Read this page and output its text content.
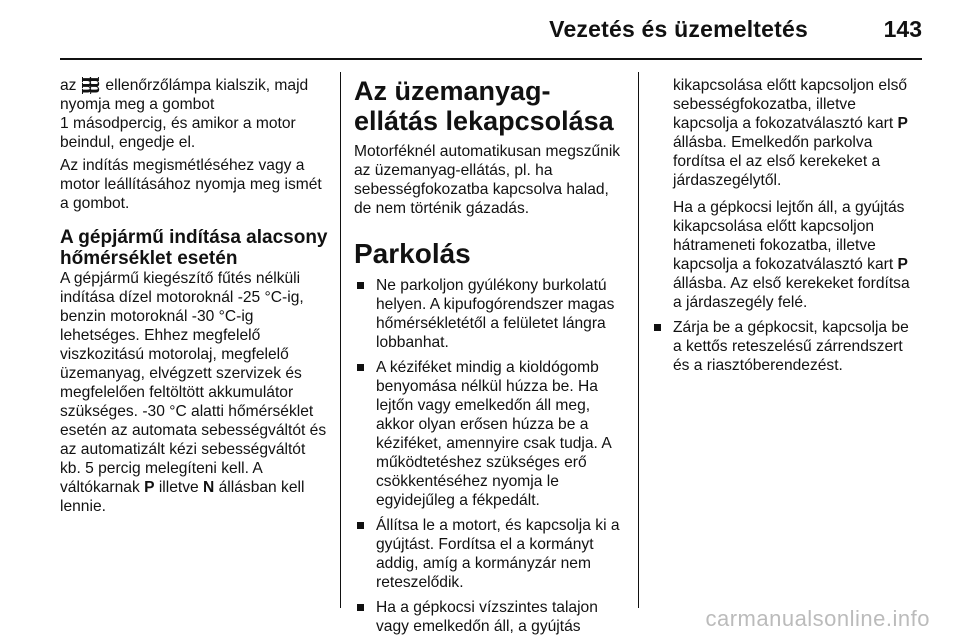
Vezetés és üzemeltetés	143

az ᴟᴟ ellenőrzőlámpa kialszik, majd nyomja meg a gombot
1 másodpercig, és amikor a motor beindul, engedje el.

Az indítás megismétléséhez vagy a motor leállításához nyomja meg ismét a gombot.

A gépjármű indítása alacsony hőmérséklet esetén

A gépjármű kiegészítő fűtés nélküli indítása dízel motoroknál -25 °C-ig, benzin motoroknál -30 °C-ig lehetséges. Ehhez megfelelő viszkozitású motorolaj, megfelelő üzemanyag, elvégzett szervizek és megfelelően feltöltött akkumulátor szükséges. -30 °C alatti hőmérséklet esetén az automata sebességváltót és az automatizált kézi sebességváltót kb. 5 percig melegíteni kell. A váltókarnak P illetve N állásban kell lennie.

Az üzemanyag-ellátás lekapcsolása

Motorféknél automatikusan megszűnik az üzemanyag-ellátás, pl. ha sebességfokozatba kapcsolva halad, de nem történik gázadás.

Parkolás
Ne parkoljon gyúlékony burkolatú helyen. A kipufogórendszer magas hőmérsékletétől a felületet lángra lobbanhat.
A kéziféket mindig a kioldógomb benyomása nélkül húzza be. Ha lejtőn vagy emelkedőn áll meg, akkor olyan erősen húzza be a kéziféket, amennyire csak tudja. A működtetéshez szükséges erő csökkentéséhez nyomja le egyidejűleg a fékpedált.
Állítsa le a motort, és kapcsolja ki a gyújtást. Fordítsa el a kormányt addig, amíg a kormányzár nem reteszelődik.
Ha a gépkocsi vízszintes talajon vagy emelkedőn áll, a gyújtás

kikapcsolása előtt kapcsoljon első sebességfokozatba, illetve kapcsolja a fokozatválasztó kart P állásba. Emelkedőn parkolva fordítsa el az első kerekeket a járdaszegélytől.

Ha a gépkocsi lejtőn áll, a gyújtás kikapcsolása előtt kapcsoljon hátrameneti fokozatba, illetve kapcsolja a fokozatválasztó kart P állásba. Az első kerekeket fordítsa a járdaszegély felé.

Zárja be a gépkocsit, kapcsolja be a kettős reteszelésű zárrendszert és a riasztóberendezést.
carmanualsonline.info
